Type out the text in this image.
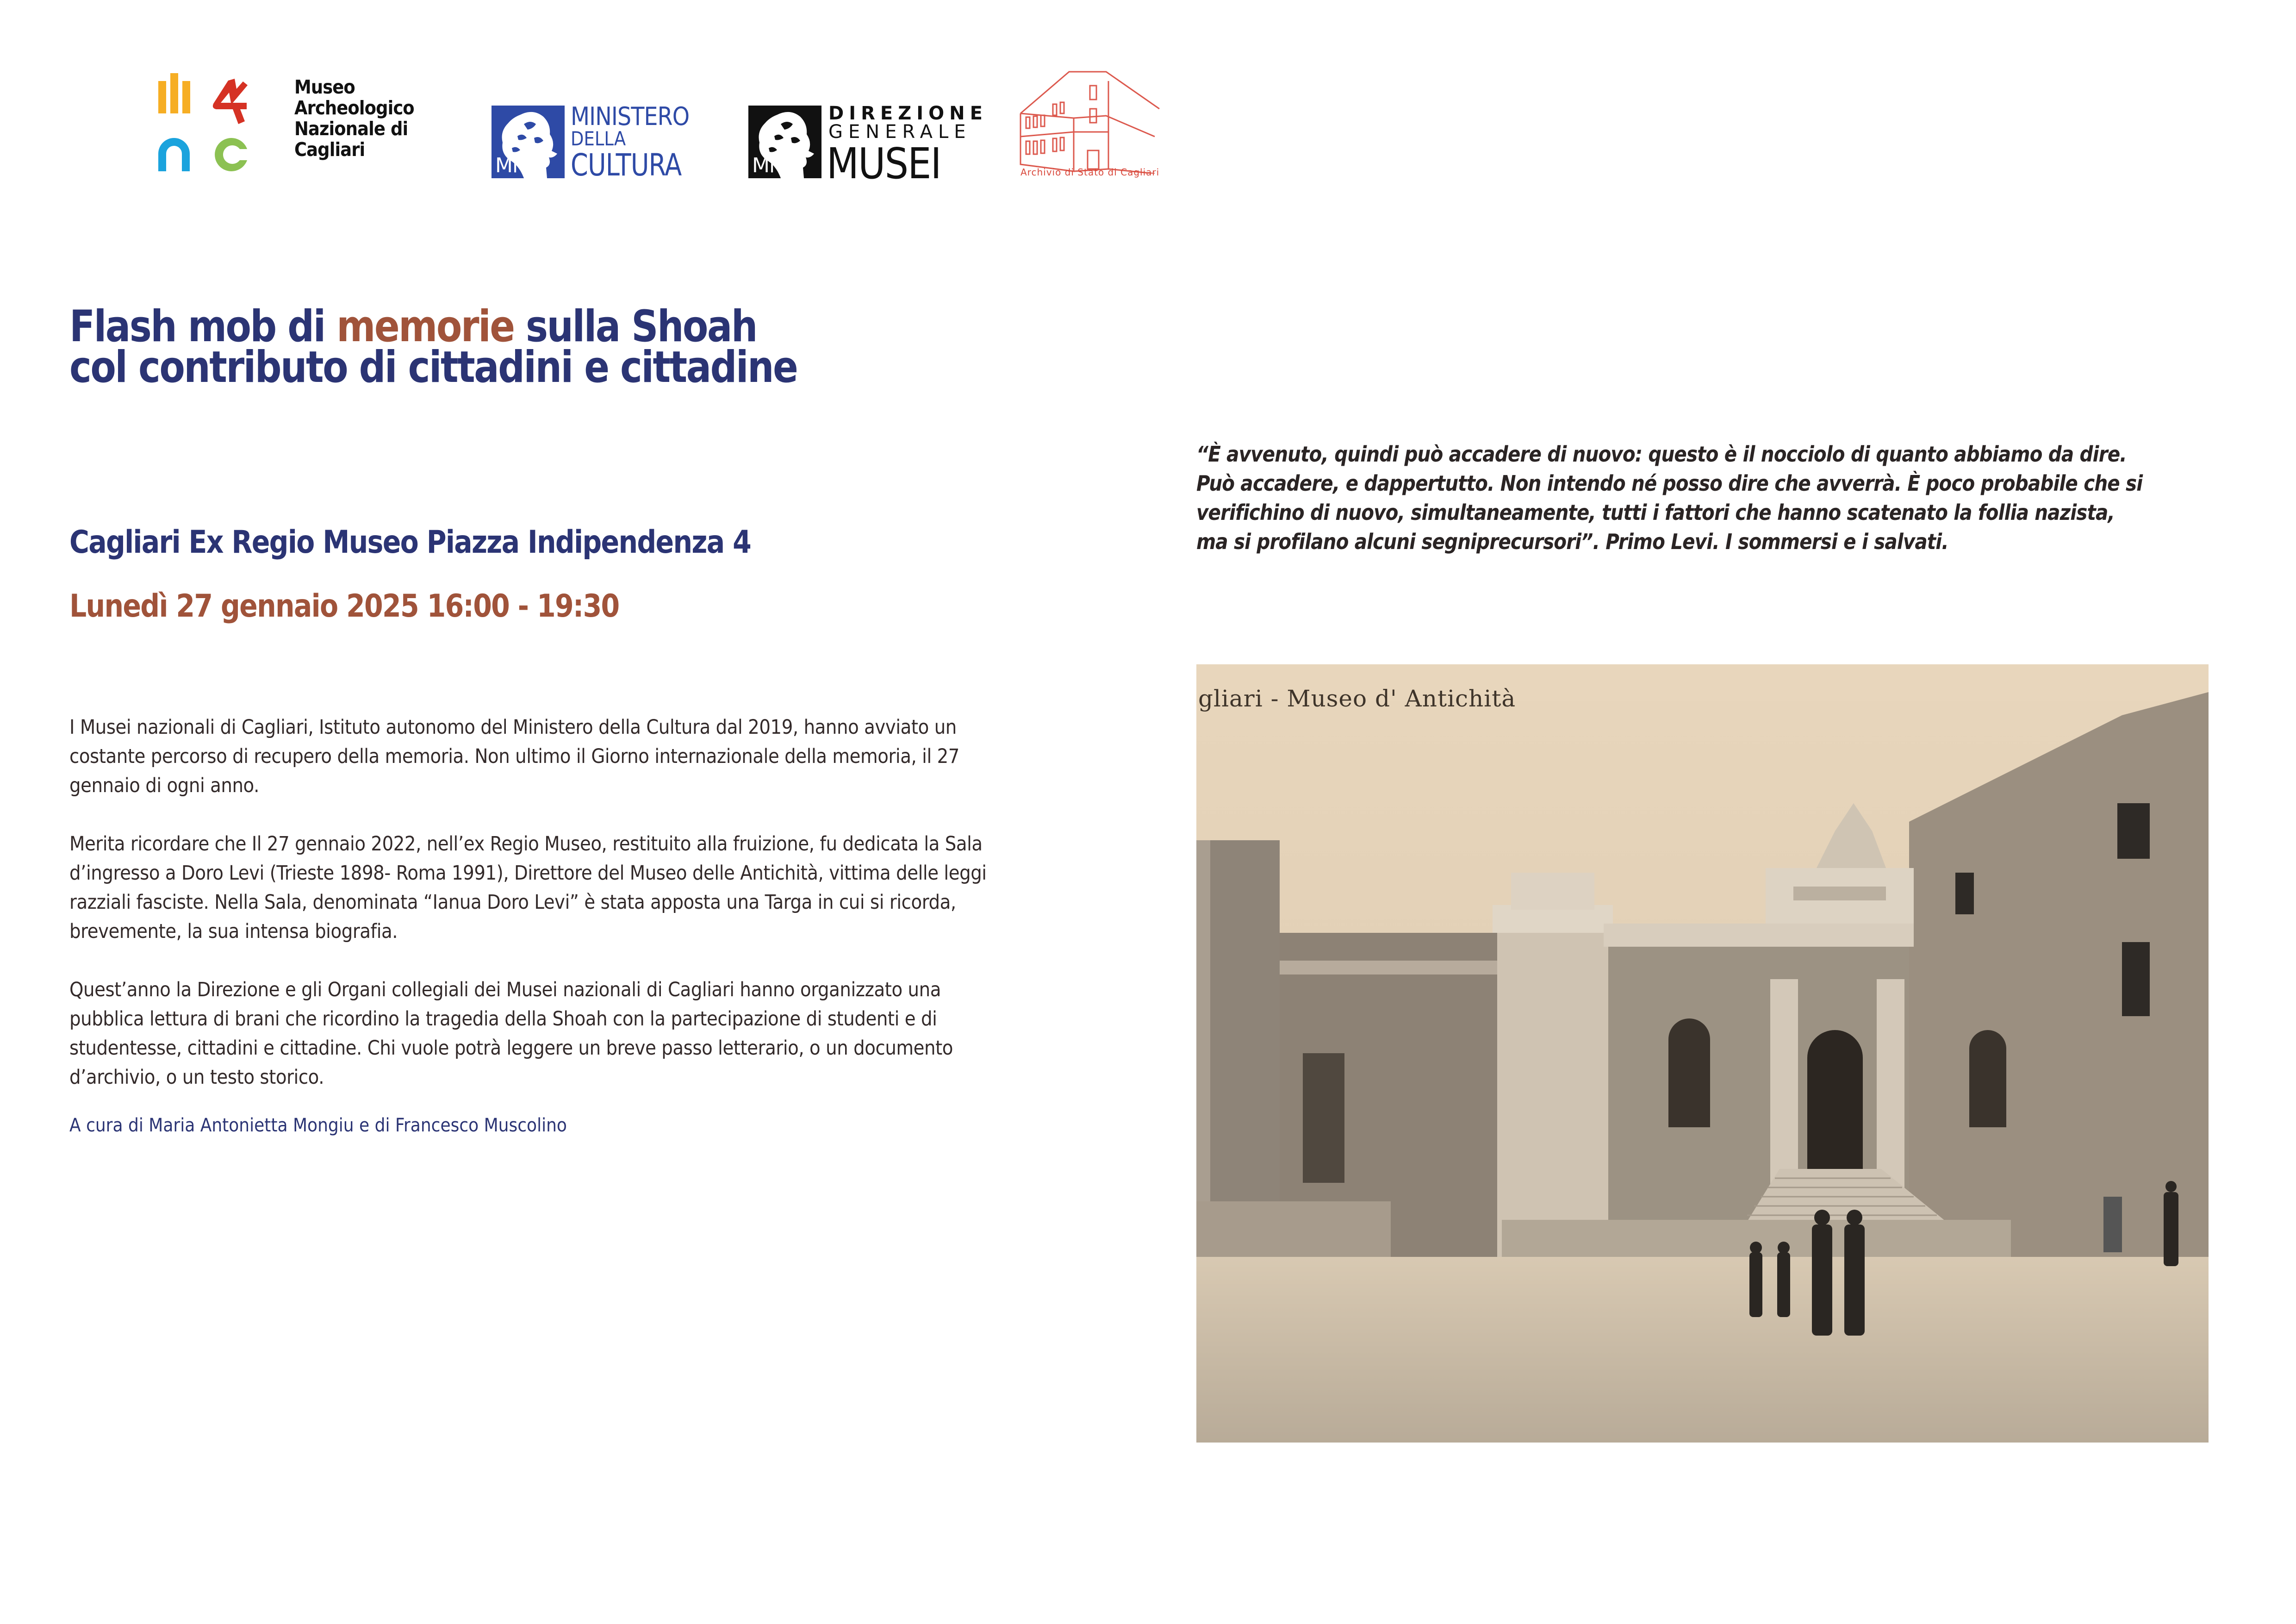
Museo
Archeologico
Nazionale di
Cagliari
MiC
MINISTERO
DELLA
CULTURA	MiC
DIREZIONE
GENERALE
MUSEI	Archivio di Stato di Cagliari
Flash mob di memorie sulla Shoah
col contributo di cittadini e cittadine
Cagliari Ex Regio Museo Piazza Indipendenza 4
Lunedì 27 gennaio 2025 16:00 - 19:30
I Musei nazionali di Cagliari, Istituto autonomo del Ministero della Cultura dal 2019, hanno avviato un
costante percorso di recupero della memoria. Non ultimo il Giorno internazionale della memoria, il 27
gennaio di ogni anno.
Merita ricordare che Il 27 gennaio 2022, nell’ex Regio Museo, restituito alla fruizione, fu dedicata la Sala
d’ingresso a Doro Levi (Trieste 1898- Roma 1991), Direttore del Museo delle Antichità, vittima delle leggi
razziali fasciste. Nella Sala, denominata “Ianua Doro Levi” è stata apposta una Targa in cui si ricorda,
brevemente, la sua intensa biografia.
Quest’anno la Direzione e gli Organi collegiali dei Musei nazionali di Cagliari hanno organizzato una
pubblica lettura di brani che ricordino la tragedia della Shoah con la partecipazione di studenti e di
studentesse, cittadini e cittadine. Chi vuole potrà leggere un breve passo letterario, o un documento
d’archivio, o un testo storico.
A cura di Maria Antonietta Mongiu e di Francesco Muscolino
“È avvenuto, quindi può accadere di nuovo: questo è il nocciolo di quanto abbiamo da dire.
Può accadere, e dappertutto. Non intendo né posso dire che avverrà. È poco probabile che si
verifichino di nuovo, simultaneamente, tutti i fattori che hanno scatenato la follia nazista,
ma si profilano alcuni segniprecursori”. Primo Levi. I sommersi e i salvati.
gliari - Museo d' Antichità
